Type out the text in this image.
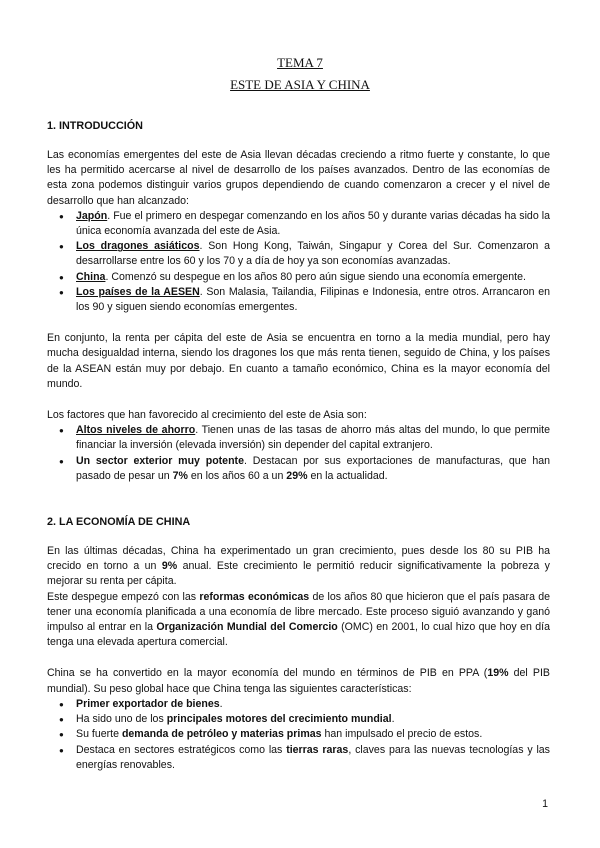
TEMA 7
ESTE DE ASIA Y CHINA
1. INTRODUCCIÓN

Las economías emergentes del este de Asia llevan décadas creciendo a ritmo fuerte y constante, lo que les ha permitido acercarse al nivel de desarrollo de los países avanzados. Dentro de las economías de esta zona podemos distinguir varios grupos dependiendo de cuando comenzaron a crecer y el nivel de desarrollo que han alcanzado:

● Japón. Fue el primero en despegar comenzando en los años 50 y durante varias décadas ha sido la única economía avanzada del este de Asia.
● Los dragones asiáticos. Son Hong Kong, Taiwán, Singapur y Corea del Sur. Comenzaron a desarrollarse entre los 60 y los 70 y a día de hoy ya son economías avanzadas.
● China. Comenzó su despegue en los años 80 pero aún sigue siendo una economía emergente.
● Los países de la AESEN. Son Malasia, Tailandia, Filipinas e Indonesia, entre otros. Arrancaron en los 90 y siguen siendo economías emergentes.

En conjunto, la renta per cápita del este de Asia se encuentra en torno a la media mundial, pero hay mucha desigualdad interna, siendo los dragones los que más renta tienen, seguido de China, y los países de la ASEAN están muy por debajo. En cuanto a tamaño económico, China es la mayor economía del mundo.

Los factores que han favorecido al crecimiento del este de Asia son:

● Altos niveles de ahorro. Tienen unas de las tasas de ahorro más altas del mundo, lo que permite financiar la inversión (elevada inversión) sin depender del capital extranjero.
● Un sector exterior muy potente. Destacan por sus exportaciones de manufacturas, que han pasado de pesar un 7% en los años 60 a un 29% en la actualidad.
2. LA ECONOMÍA DE CHINA

En las últimas décadas, China ha experimentado un gran crecimiento, pues desde los 80 su PIB ha crecido en torno a un 9% anual. Este crecimiento le permitió reducir significativamente la pobreza y mejorar su renta per cápita.

Este despegue empezó con las reformas económicas de los años 80 que hicieron que el país pasara de tener una economía planificada a una economía de libre mercado. Este proceso siguió avanzando y ganó impulso al entrar en la Organización Mundial del Comercio (OMC) en 2001, lo cual hizo que hoy en día tenga una elevada apertura comercial.

China se ha convertido en la mayor economía del mundo en términos de PIB en PPA (19% del PIB mundial). Su peso global hace que China tenga las siguientes características:

● Primer exportador de bienes.
● Ha sido uno de los principales motores del crecimiento mundial.
● Su fuerte demanda de petróleo y materias primas han impulsado el precio de estos.
● Destaca en sectores estratégicos como las tierras raras, claves para las nuevas tecnologías y las energías renovables.
1
